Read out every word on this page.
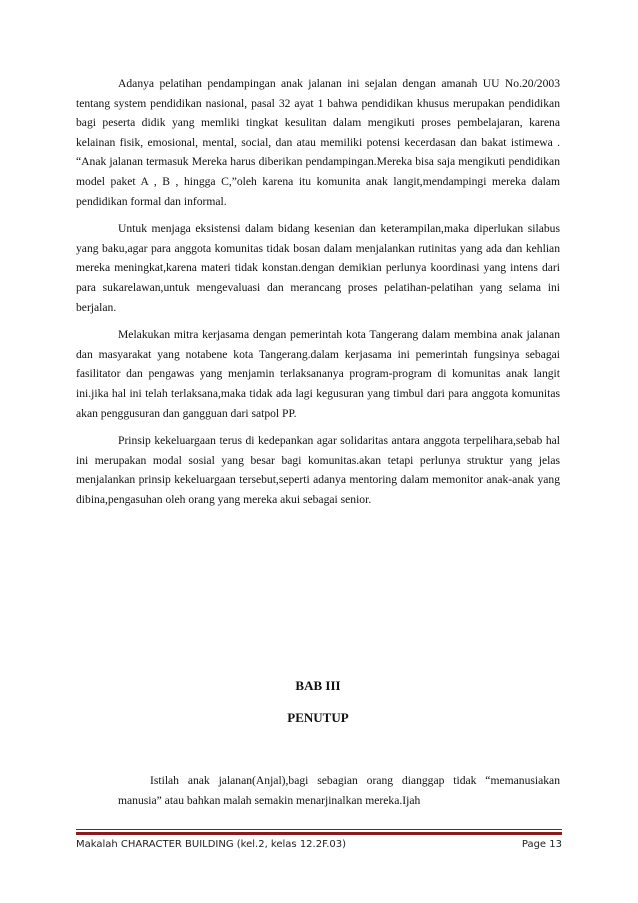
Adanya pelatihan pendampingan anak jalanan ini sejalan dengan amanah UU No.20/2003 tentang system pendidikan nasional, pasal 32 ayat 1 bahwa pendidikan khusus merupakan pendidikan bagi peserta didik yang memliki tingkat kesulitan dalam mengikuti proses pembelajaran, karena kelainan fisik, emosional, mental, social, dan atau memiliki potensi kecerdasan dan bakat istimewa . “Anak jalanan termasuk Mereka harus diberikan pendampingan.Mereka bisa saja mengikuti pendidikan model paket A , B , hingga C,”oleh karena itu komunita anak langit,mendampingi mereka dalam pendidikan formal dan informal.

Untuk menjaga eksistensi dalam bidang kesenian dan keterampilan,maka diperlukan silabus yang baku,agar para anggota komunitas tidak bosan dalam menjalankan rutinitas yang ada dan kehlian mereka meningkat,karena materi tidak konstan.dengan demikian perlunya koordinasi yang intens dari para sukarelawan,untuk mengevaluasi dan merancang proses pelatihan-pelatihan yang selama ini berjalan.

Melakukan mitra kerjasama dengan pemerintah kota Tangerang dalam membina anak jalanan dan masyarakat yang notabene kota Tangerang.dalam kerjasama ini pemerintah fungsinya sebagai fasilitator dan pengawas yang menjamin terlaksananya program-program di komunitas anak langit ini.jika hal ini telah terlaksana,maka tidak ada lagi kegusuran yang timbul dari para anggota komunitas akan penggusuran dan gangguan dari satpol PP.

Prinsip kekeluargaan terus di kedepankan agar solidaritas antara anggota terpelihara,sebab hal ini merupakan modal sosial yang besar bagi komunitas.akan tetapi perlunya struktur yang jelas menjalankan prinsip kekeluargaan tersebut,seperti adanya mentoring dalam memonitor anak-anak yang dibina,pengasuhan oleh orang yang mereka akui sebagai senior.

BAB III
PENUTUP

Istilah anak jalanan(Anjal),bagi sebagian orang dianggap tidak “memanusiakan manusia” atau bahkan malah semakin menarjinalkan mereka.Ijah

Makalah CHARACTER BUILDING (kel.2, kelas 12.2F.03)	Page 13
